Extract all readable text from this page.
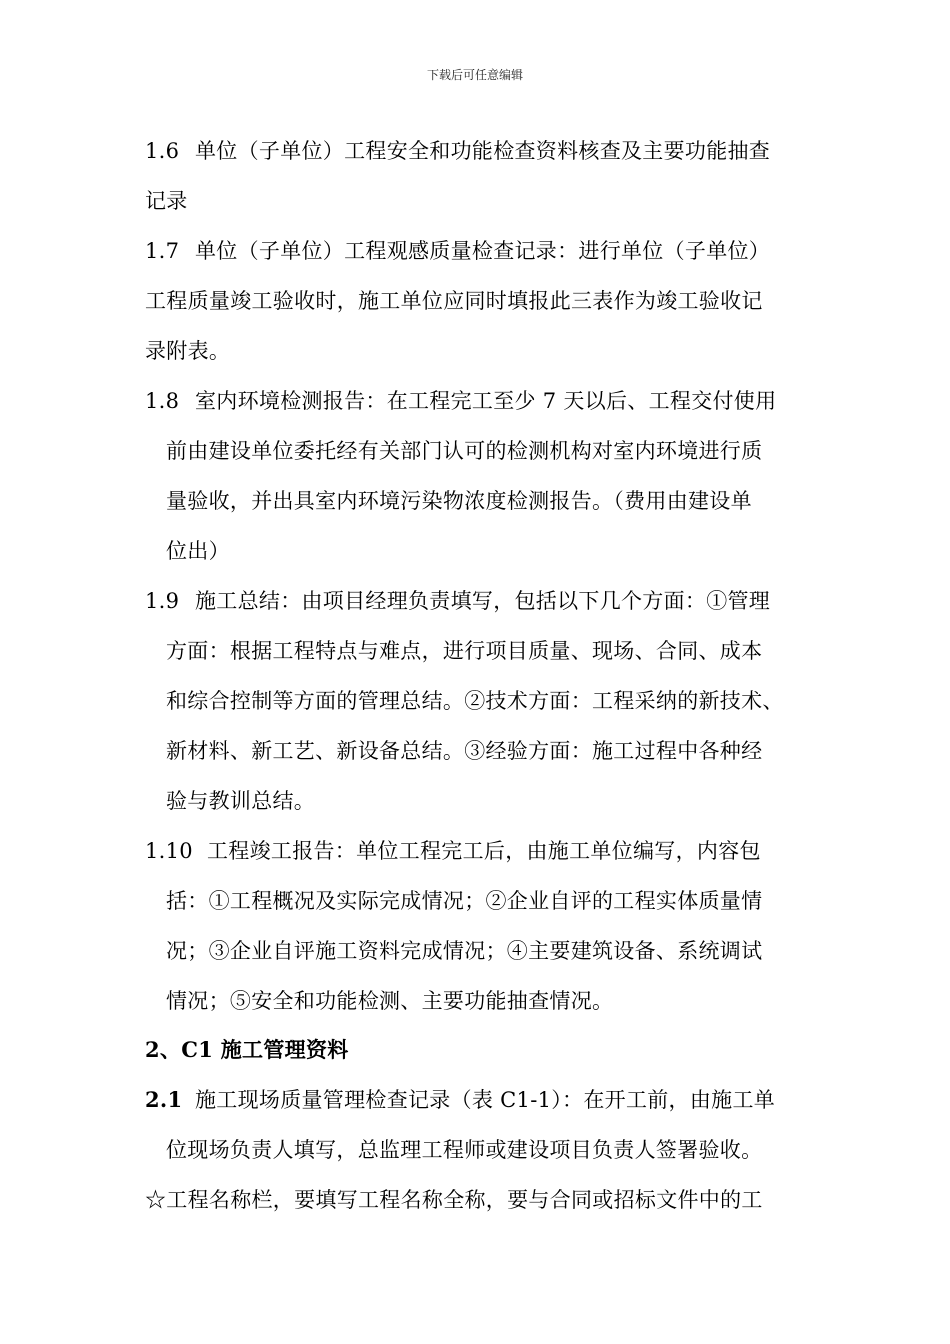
下载后可任意编辑
1.6 单位（子单位）工程安全和功能检查资料核查及主要功能抽查
记录
1.7 单位（子单位）工程观感质量检查记录：进行单位（子单位）
工程质量竣工验收时，施工单位应同时填报此三表作为竣工验收记
录附表。
1.8 室内环境检测报告：在工程完工至少 7 天以后、工程交付使用
前由建设单位委托经有关部门认可的检测机构对室内环境进行质
量验收，并出具室内环境污染物浓度检测报告。（费用由建设单
位出）
1.9 施工总结：由项目经理负责填写，包括以下几个方面：①管理
方面：根据工程特点与难点，进行项目质量、现场、合同、成本
和综合控制等方面的管理总结。②技术方面：工程采纳的新技术、
新材料、新工艺、新设备总结。③经验方面：施工过程中各种经
验与教训总结。
1.10 工程竣工报告：单位工程完工后，由施工单位编写，内容包
括：①工程概况及实际完成情况；②企业自评的工程实体质量情
况；③企业自评施工资料完成情况；④主要建筑设备、系统调试
情况；⑤安全和功能检测、主要功能抽查情况。
2、C1 施工管理资料
2.1 施工现场质量管理检查记录（表 C1-1）：在开工前，由施工单
位现场负责人填写，总监理工程师或建设项目负责人签署验收。
☆工程名称栏，要填写工程名称全称，要与合同或招标文件中的工
